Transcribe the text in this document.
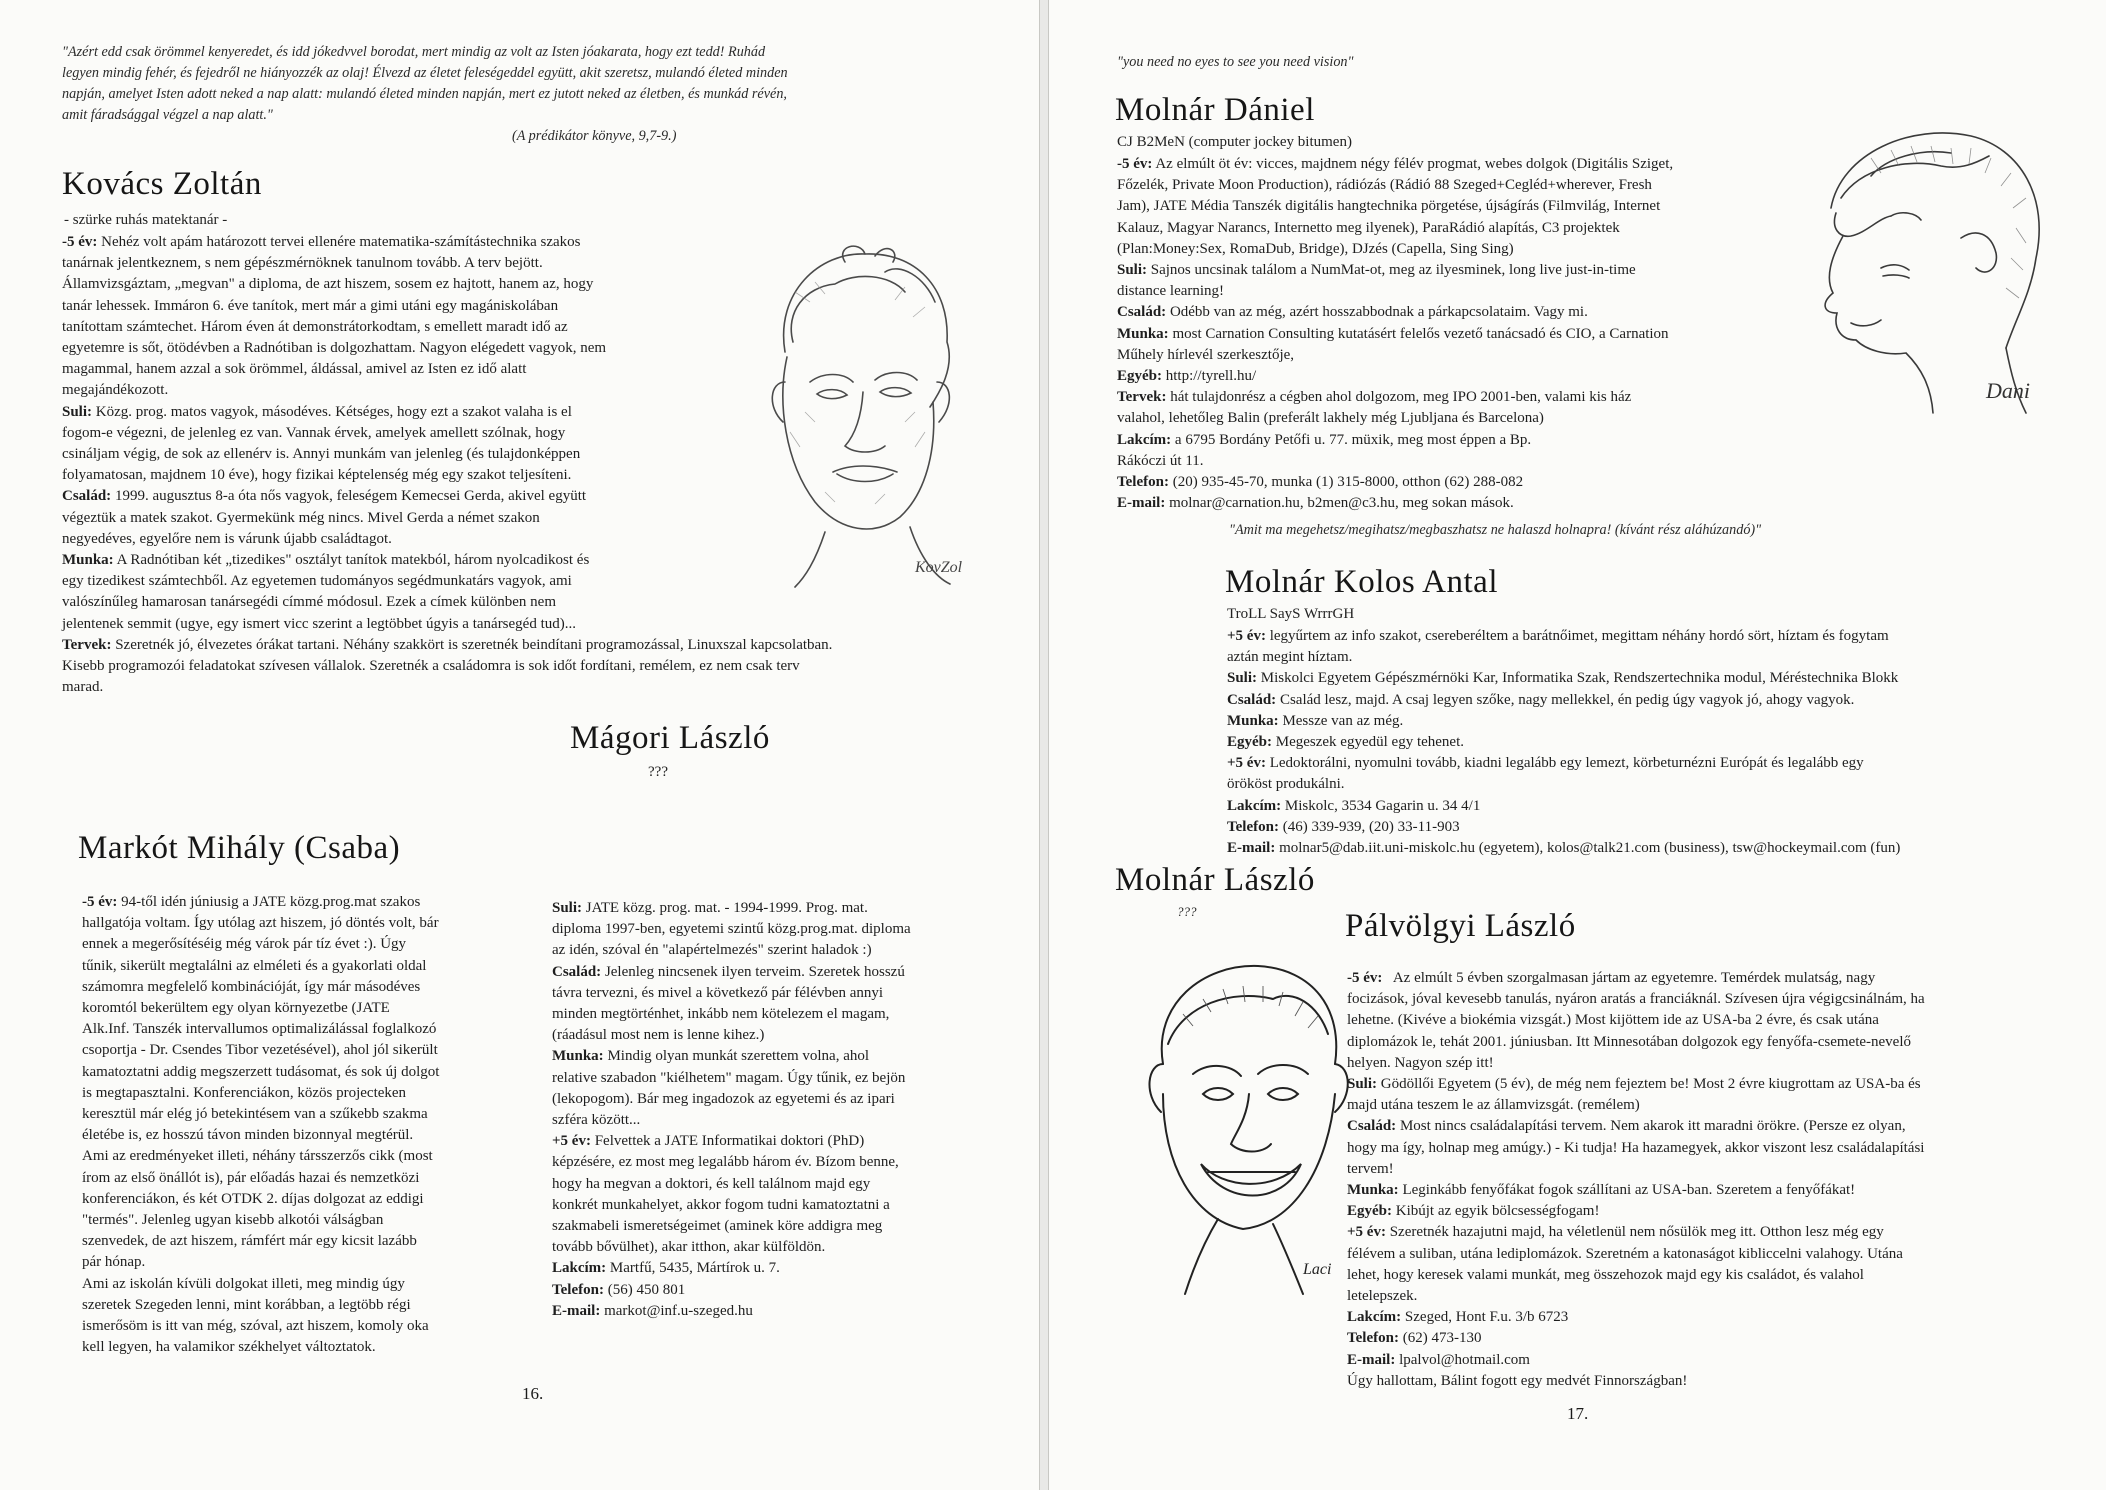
"Azért edd csak örömmel kenyeredet, és idd jókedvvel borodat, mert mindig az volt az Isten jóakarata, hogy ezt tedd! Ruhád
legyen mindig fehér, és fejedről ne hiányozzék az olaj! Élvezd az életet feleségeddel együtt, akit szeretsz, mulandó életed minden
napján, amelyet Isten adott neked a nap alatt: mulandó életed minden napján, mert ez jutott neked az életben, és munkád révén,
amit fáradsággal végzel a nap alatt."
(A prédikátor könyve, 9,7-9.)
Kovács Zoltán
- szürke ruhás matektanár -
-5 év: Nehéz volt apám határozott tervei ellenére matematika-számítástechnika szakos
tanárnak jelentkeznem, s nem gépészmérnöknek tanulnom tovább. A terv bejött.
Államvizsgáztam, „megvan" a diploma, de azt hiszem, sosem ez hajtott, hanem az, hogy
tanár lehessek. Immáron 6. éve tanítok, mert már a gimi utáni egy magániskolában
tanítottam számtechet. Három éven át demonstrátorkodtam, s emellett maradt idő az
egyetemre is sőt, ötödévben a Radnótiban is dolgozhattam. Nagyon elégedett vagyok, nem
magammal, hanem azzal a sok örömmel, áldással, amivel az Isten ez idő alatt
megajándékozott.
Suli: Közg. prog. matos vagyok, másodéves. Kétséges, hogy ezt a szakot valaha is el
fogom-e végezni, de jelenleg ez van. Vannak érvek, amelyek amellett szólnak, hogy
csináljam végig, de sok az ellenérv is. Annyi munkám van jelenleg (és tulajdonképpen
folyamatosan, majdnem 10 éve), hogy fizikai képtelenség még egy szakot teljesíteni.
Család: 1999. augusztus 8-a óta nős vagyok, feleségem Kemecsei Gerda, akivel együtt
végeztük a matek szakot. Gyermekünk még nincs. Mivel Gerda a német szakon
negyedéves, egyelőre nem is várunk újabb családtagot.
Munka: A Radnótiban két „tizedikes" osztályt tanítok matekból, három nyolcadikost és
egy tizedikest számtechből. Az egyetemen tudományos segédmunkatárs vagyok, ami
valószínűleg hamarosan tanársegédi címmé módosul. Ezek a címek különben nem
jelentenek semmit (ugye, egy ismert vicc szerint a legtöbbet úgyis a tanársegéd tud)...
Tervek: Szeretnék jó, élvezetes órákat tartani. Néhány szakkört is szeretnék beindítani programozással, Linuxszal kapcsolatban.
Kisebb programozói feladatokat szívesen vállalok. Szeretnék a családomra is sok időt fordítani, remélem, ez nem csak terv
marad.
KovZol
Mágori László
???
Markót Mihály (Csaba)
-5 év: 94-től idén júniusig a JATE közg.prog.mat szakos
hallgatója voltam. Így utólag azt hiszem, jó döntés volt, bár
ennek a megerősítéséig még várok pár tíz évet :). Úgy
tűnik, sikerült megtalálni az elméleti és a gyakorlati oldal
számomra megfelelő kombinációját, így már másodéves
koromtól bekerültem egy olyan környezetbe (JATE
Alk.Inf. Tanszék intervallumos optimalizálással foglalkozó
csoportja - Dr. Csendes Tibor vezetésével), ahol jól sikerült
kamatoztatni addig megszerzett tudásomat, és sok új dolgot
is megtapasztalni. Konferenciákon, közös projecteken
keresztül már elég jó betekintésem van a szűkebb szakma
életébe is, ez hosszú távon minden bizonnyal megtérül.
Ami az eredményeket illeti, néhány társszerzős cikk (most
írom az első önállót is), pár előadás hazai és nemzetközi
konferenciákon, és két OTDK 2. díjas dolgozat az eddigi
"termés". Jelenleg ugyan kisebb alkotói válságban
szenvedek, de azt hiszem, rámfért már egy kicsit lazább
pár hónap.
Ami az iskolán kívüli dolgokat illeti, meg mindig úgy
szeretek Szegeden lenni, mint korábban, a legtöbb régi
ismerősöm is itt van még, szóval, azt hiszem, komoly oka
kell legyen, ha valamikor székhelyet változtatok.
Suli: JATE közg. prog. mat. - 1994-1999. Prog. mat.
diploma 1997-ben, egyetemi szintű közg.prog.mat. diploma
az idén, szóval én "alapértelmezés" szerint haladok :)
Család: Jelenleg nincsenek ilyen terveim. Szeretek hosszú
távra tervezni, és mivel a következő pár félévben annyi
minden megtörténhet, inkább nem kötelezem el magam,
(ráadásul most nem is lenne kihez.)
Munka: Mindig olyan munkát szerettem volna, ahol
relative szabadon "kiélhetem" magam. Úgy tűnik, ez bejön
(lekopogom). Bár meg ingadozok az egyetemi és az ipari
szféra között...
+5 év: Felvettek a JATE Informatikai doktori (PhD)
képzésére, ez most meg legalább három év. Bízom benne,
hogy ha megvan a doktori, és kell találnom majd egy
konkrét munkahelyet, akkor fogom tudni kamatoztatni a
szakmabeli ismeretségeimet (aminek köre addigra meg
tovább bővülhet), akar itthon, akar külföldön.
Lakcím: Martfű, 5435, Mártírok u. 7.
Telefon: (56) 450 801
E-mail: markot@inf.u-szeged.hu
16.
"you need no eyes to see you need vision"
Molnár Dániel
CJ B2MeN (computer jockey bitumen)
-5 év: Az elmúlt öt év: vicces, majdnem négy félév progmat, webes dolgok (Digitális Sziget,
Főzelék, Private Moon Production), rádiózás (Rádió 88 Szeged+Cegléd+wherever, Fresh
Jam), JATE Média Tanszék digitális hangtechnika pörgetése, újságírás (Filmvilág, Internet
Kalauz, Magyar Narancs, Internetto meg ilyenek), ParaRádió alapítás, C3 projektek
(Plan:Money:Sex, RomaDub, Bridge), DJzés (Capella, Sing Sing)
Suli: Sajnos uncsinak találom a NumMat-ot, meg az ilyesminek, long live just-in-time
distance learning!
Család: Odébb van az még, azért hosszabbodnak a párkapcsolataim. Vagy mi.
Munka: most Carnation Consulting kutatásért felelős vezető tanácsadó és CIO, a Carnation
Műhely hírlevél szerkesztője,
Egyéb: http://tyrell.hu/
Tervek: hát tulajdonrész a cégben ahol dolgozom, meg IPO 2001-ben, valami kis ház
valahol, lehetőleg Balin (preferált lakhely még Ljubljana és Barcelona)
Lakcím: a 6795 Bordány Petőfi u. 77. müxik, meg most éppen a Bp.
Rákóczi út 11.
Telefon: (20) 935-45-70, munka (1) 315-8000, otthon (62) 288-082
E-mail: molnar@carnation.hu, b2men@c3.hu, meg sokan mások.
"Amit ma megehetsz/megihatsz/megbaszhatsz ne halaszd holnapra! (kívánt rész aláhúzandó)"
Dani
Molnár Kolos Antal
TroLL SayS WrrrGH
+5 év: legyűrtem az info szakot, csereberéltem a barátnőimet, megittam néhány hordó sört, híztam és fogytam
aztán megint híztam.
Suli: Miskolci Egyetem Gépészmérnöki Kar, Informatika Szak, Rendszertechnika modul, Méréstechnika Blokk
Család: Család lesz, majd. A csaj legyen szőke, nagy mellekkel, én pedig úgy vagyok jó, ahogy vagyok.
Munka: Messze van az még.
Egyéb: Megeszek egyedül egy tehenet.
+5 év: Ledoktorálni, nyomulni tovább, kiadni legalább egy lemezt, körbeturnézni Európát és legalább egy
örököst produkálni.
Lakcím: Miskolc, 3534 Gagarin u. 34 4/1
Telefon: (46) 339-939, (20) 33-11-903
E-mail: molnar5@dab.iit.uni-miskolc.hu (egyetem), kolos@talk21.com (business), tsw@hockeymail.com (fun)
Molnár László
???	Pálvölgyi László
-5 év:   Az elmúlt 5 évben szorgalmasan jártam az egyetemre. Temérdek mulatság, nagy
focizások, jóval kevesebb tanulás, nyáron aratás a franciáknál. Szívesen újra végigcsinálnám, ha
lehetne. (Kivéve a biokémia vizsgát.) Most kijöttem ide az USA-ba 2 évre, és csak utána
diplomázok le, tehát 2001. júniusban. Itt Minnesotában dolgozok egy fenyőfa-csemete-nevelő
helyen. Nagyon szép itt!
Suli: Gödöllői Egyetem (5 év), de még nem fejeztem be! Most 2 évre kiugrottam az USA-ba és
majd utána teszem le az államvizsgát. (remélem)
Család: Most nincs családalapítási tervem. Nem akarok itt maradni örökre. (Persze ez olyan,
hogy ma így, holnap meg amúgy.) - Ki tudja! Ha hazamegyek, akkor viszont lesz családalapítási
tervem!
Munka: Leginkább fenyőfákat fogok szállítani az USA-ban. Szeretem a fenyőfákat!
Egyéb: Kibújt az egyik bölcsességfogam!
+5 év: Szeretnék hazajutni majd, ha véletlenül nem nősülök meg itt. Otthon lesz még egy
félévem a suliban, utána lediplomázok. Szeretném a katonaságot kibliccelni valahogy. Utána
lehet, hogy keresek valami munkát, meg összehozok majd egy kis családot, és valahol
letelepszek.
Lakcím: Szeged, Hont F.u. 3/b 6723
Telefon: (62) 473-130
E-mail: lpalvol@hotmail.com
Úgy hallottam, Bálint fogott egy medvét Finnországban!
Laci
17.
